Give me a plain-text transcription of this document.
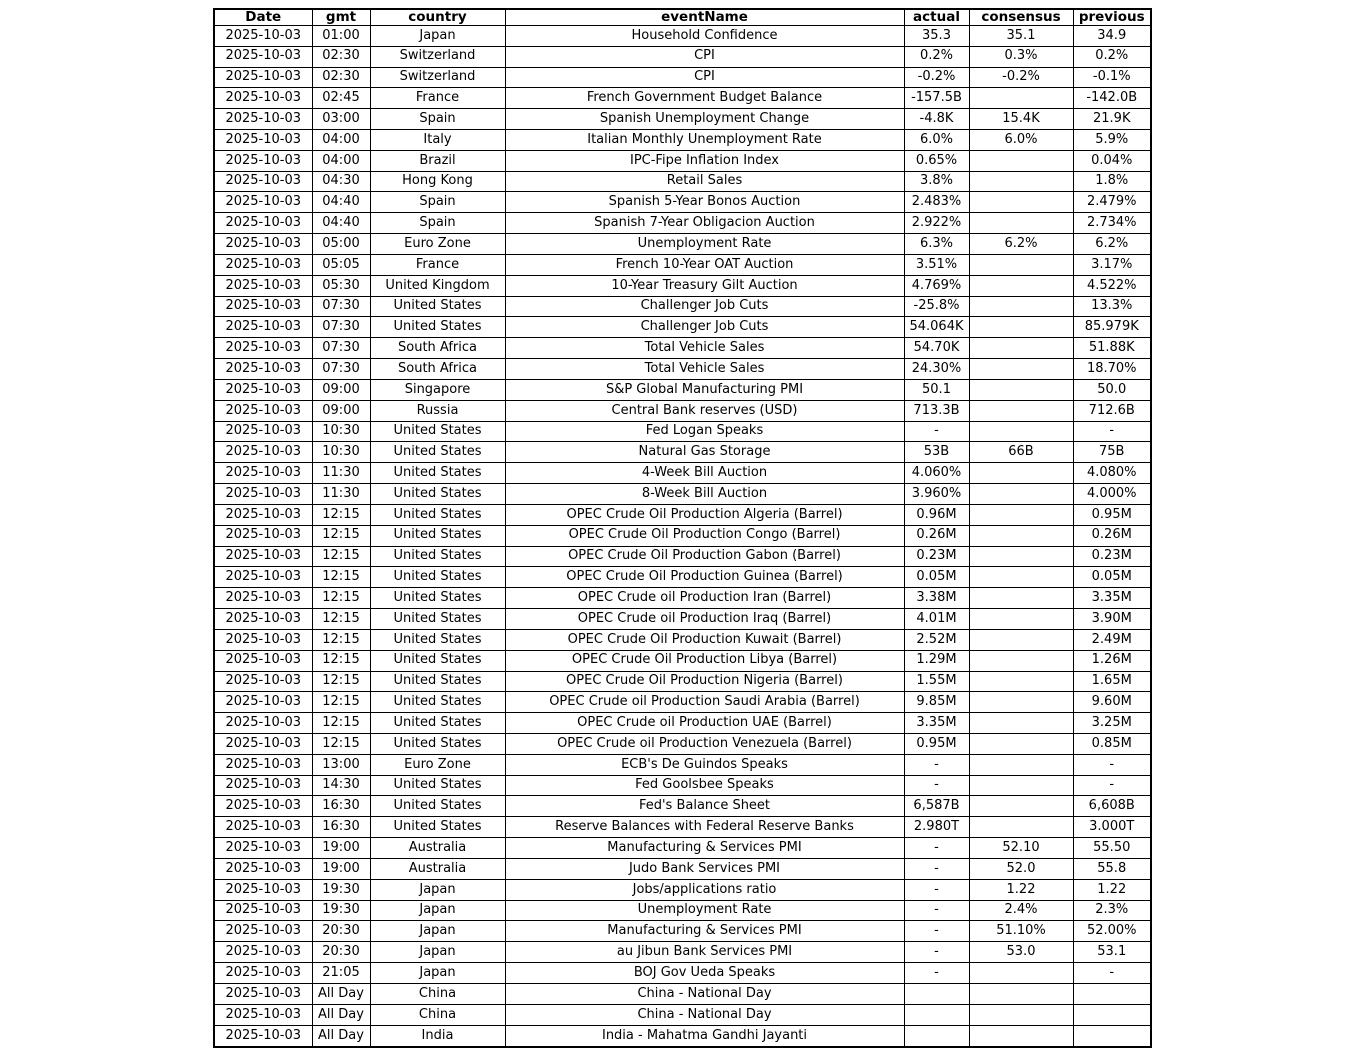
Date	gmt	country	eventName	actual	consensus	previous
2025-10-03	01:00	Japan	Household Confidence	35.3	35.1	34.9
2025-10-03	02:30	Switzerland	CPI	0.2%	0.3%	0.2%
2025-10-03	02:30	Switzerland	CPI	-0.2%	-0.2%	-0.1%
2025-10-03	02:45	France	French Government Budget Balance	-157.5B		-142.0B
2025-10-03	03:00	Spain	Spanish Unemployment Change	-4.8K	15.4K	21.9K
2025-10-03	04:00	Italy	Italian Monthly Unemployment Rate	6.0%	6.0%	5.9%
2025-10-03	04:00	Brazil	IPC-Fipe Inflation Index	0.65%		0.04%
2025-10-03	04:30	Hong Kong	Retail Sales	3.8%		1.8%
2025-10-03	04:40	Spain	Spanish 5-Year Bonos Auction	2.483%		2.479%
2025-10-03	04:40	Spain	Spanish 7-Year Obligacion Auction	2.922%		2.734%
2025-10-03	05:00	Euro Zone	Unemployment Rate	6.3%	6.2%	6.2%
2025-10-03	05:05	France	French 10-Year OAT Auction	3.51%		3.17%
2025-10-03	05:30	United Kingdom	10-Year Treasury Gilt Auction	4.769%		4.522%
2025-10-03	07:30	United States	Challenger Job Cuts	-25.8%		13.3%
2025-10-03	07:30	United States	Challenger Job Cuts	54.064K		85.979K
2025-10-03	07:30	South Africa	Total Vehicle Sales	54.70K		51.88K
2025-10-03	07:30	South Africa	Total Vehicle Sales	24.30%		18.70%
2025-10-03	09:00	Singapore	S&P Global Manufacturing PMI	50.1		50.0
2025-10-03	09:00	Russia	Central Bank reserves (USD)	713.3B		712.6B
2025-10-03	10:30	United States	Fed Logan Speaks	-		-
2025-10-03	10:30	United States	Natural Gas Storage	53B	66B	75B
2025-10-03	11:30	United States	4-Week Bill Auction	4.060%		4.080%
2025-10-03	11:30	United States	8-Week Bill Auction	3.960%		4.000%
2025-10-03	12:15	United States	OPEC Crude Oil Production Algeria (Barrel)	0.96M		0.95M
2025-10-03	12:15	United States	OPEC Crude Oil Production Congo (Barrel)	0.26M		0.26M
2025-10-03	12:15	United States	OPEC Crude Oil Production Gabon (Barrel)	0.23M		0.23M
2025-10-03	12:15	United States	OPEC Crude Oil Production Guinea (Barrel)	0.05M		0.05M
2025-10-03	12:15	United States	OPEC Crude oil Production Iran (Barrel)	3.38M		3.35M
2025-10-03	12:15	United States	OPEC Crude oil Production Iraq (Barrel)	4.01M		3.90M
2025-10-03	12:15	United States	OPEC Crude Oil Production Kuwait (Barrel)	2.52M		2.49M
2025-10-03	12:15	United States	OPEC Crude Oil Production Libya (Barrel)	1.29M		1.26M
2025-10-03	12:15	United States	OPEC Crude Oil Production Nigeria (Barrel)	1.55M		1.65M
2025-10-03	12:15	United States	OPEC Crude oil Production Saudi Arabia (Barrel)	9.85M		9.60M
2025-10-03	12:15	United States	OPEC Crude oil Production UAE (Barrel)	3.35M		3.25M
2025-10-03	12:15	United States	OPEC Crude oil Production Venezuela (Barrel)	0.95M		0.85M
2025-10-03	13:00	Euro Zone	ECB's De Guindos Speaks	-		-
2025-10-03	14:30	United States	Fed Goolsbee Speaks	-		-
2025-10-03	16:30	United States	Fed's Balance Sheet	6,587B		6,608B
2025-10-03	16:30	United States	Reserve Balances with Federal Reserve Banks	2.980T		3.000T
2025-10-03	19:00	Australia	Manufacturing & Services PMI	-	52.10	55.50
2025-10-03	19:00	Australia	Judo Bank Services PMI	-	52.0	55.8
2025-10-03	19:30	Japan	Jobs/applications ratio	-	1.22	1.22
2025-10-03	19:30	Japan	Unemployment Rate	-	2.4%	2.3%
2025-10-03	20:30	Japan	Manufacturing & Services PMI	-	51.10%	52.00%
2025-10-03	20:30	Japan	au Jibun Bank Services PMI	-	53.0	53.1
2025-10-03	21:05	Japan	BOJ Gov Ueda Speaks	-		-
2025-10-03	All Day	China	China - National Day			
2025-10-03	All Day	China	China - National Day			
2025-10-03	All Day	India	India - Mahatma Gandhi Jayanti			
